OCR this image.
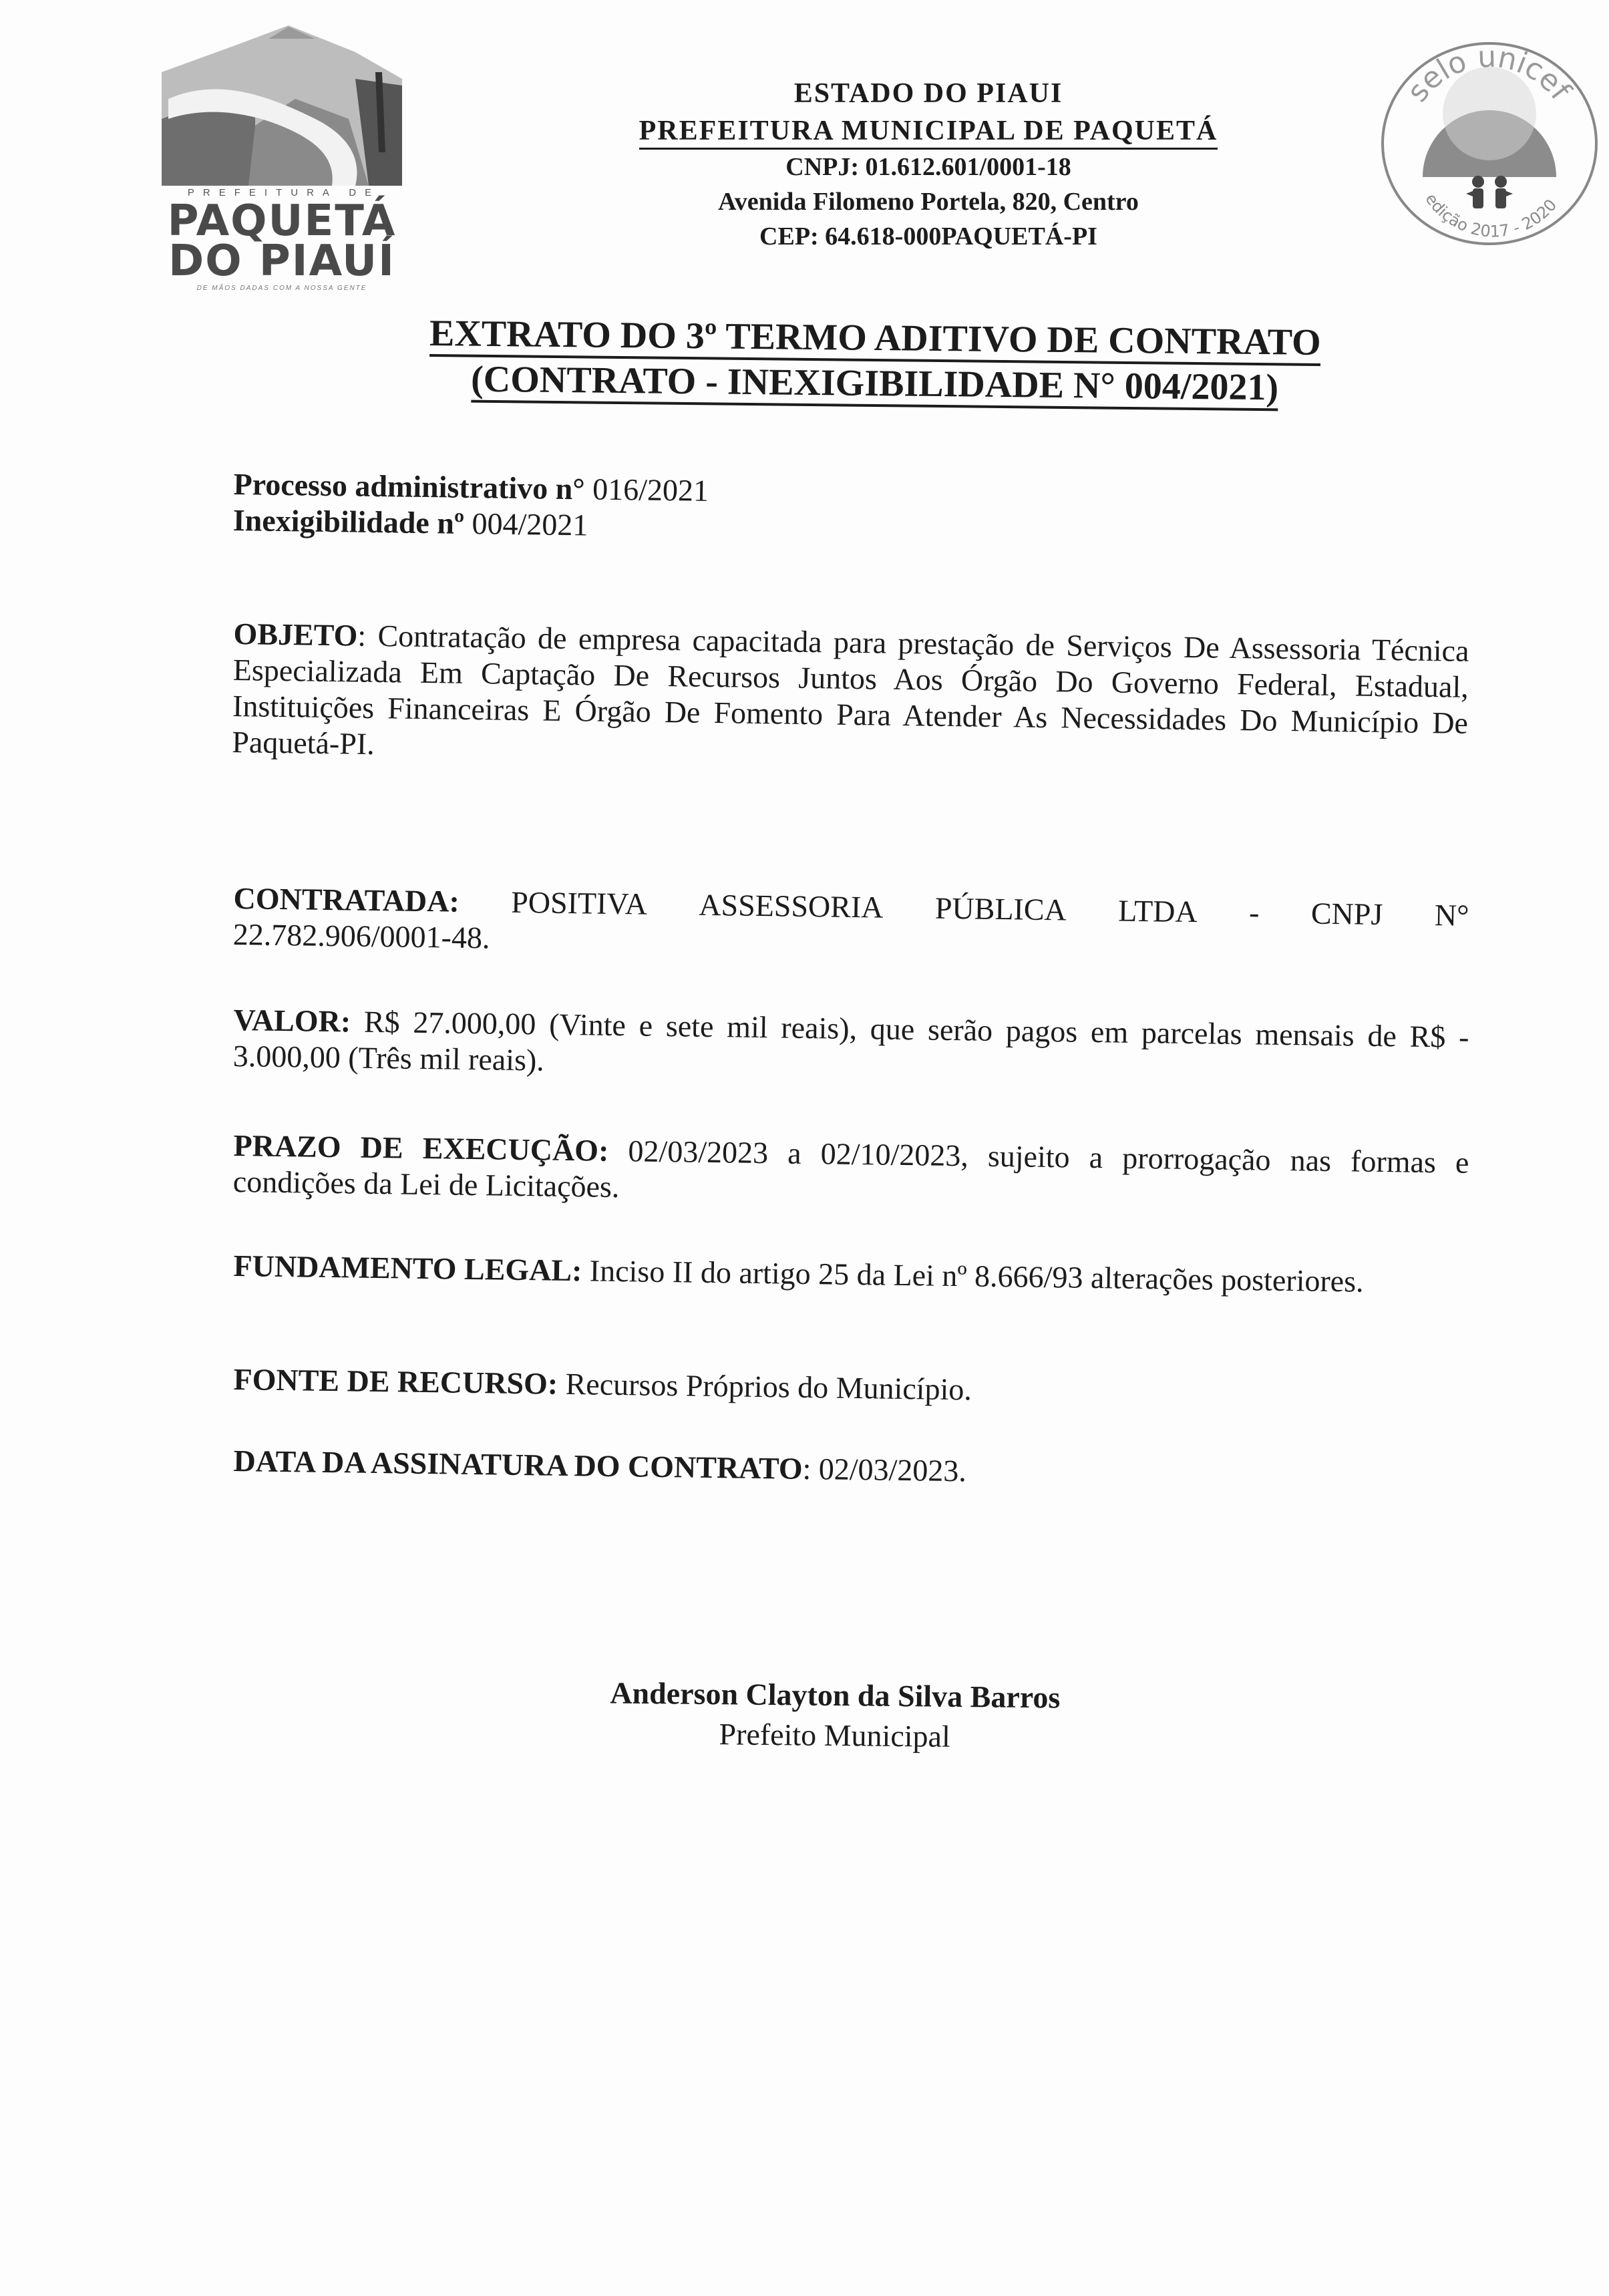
PREFEITURA DE
PAQUETÁ
DO PIAUÍ
DE MÃOS DADAS COM A NOSSA GENTE
selo unicef
edição 2017 - 2020
ESTADO DO PIAUI
PREFEITURA MUNICIPAL DE PAQUETÁ
CNPJ: 01.612.601/0001-18
Avenida Filomeno Portela, 820, Centro
CEP: 64.618-000PAQUETÁ-PI
EXTRATO DO 3º TERMO ADITIVO DE CONTRATO
(CONTRATO - INEXIGIBILIDADE N° 004/2021)
Processo administrativo n° 016/2021
Inexigibilidade nº 004/2021
OBJETO: Contratação de empresa capacitada para prestação de Serviços De Assessoria Técnica Especializada Em Captação De Recursos Juntos Aos Órgão Do Governo Federal, Estadual, Instituições Financeiras E Órgão De Fomento Para Atender As Necessidades Do Município De Paquetá-PI.
CONTRATADA: POSITIVA ASSESSORIA PÚBLICA LTDA - CNPJ N°
22.782.906/0001-48.
VALOR: R$ 27.000,00 (Vinte e sete mil reais), que serão pagos em parcelas mensais de R$ - 3.000,00 (Três mil reais).
PRAZO DE EXECUÇÃO: 02/03/2023 a 02/10/2023, sujeito a prorrogação nas formas e condições da Lei de Licitações.
FUNDAMENTO LEGAL: Inciso II do artigo 25 da Lei nº 8.666/93 alterações posteriores.
FONTE DE RECURSO: Recursos Próprios do Município.
DATA DA ASSINATURA DO CONTRATO: 02/03/2023.
Anderson Clayton da Silva Barros
Prefeito Municipal
